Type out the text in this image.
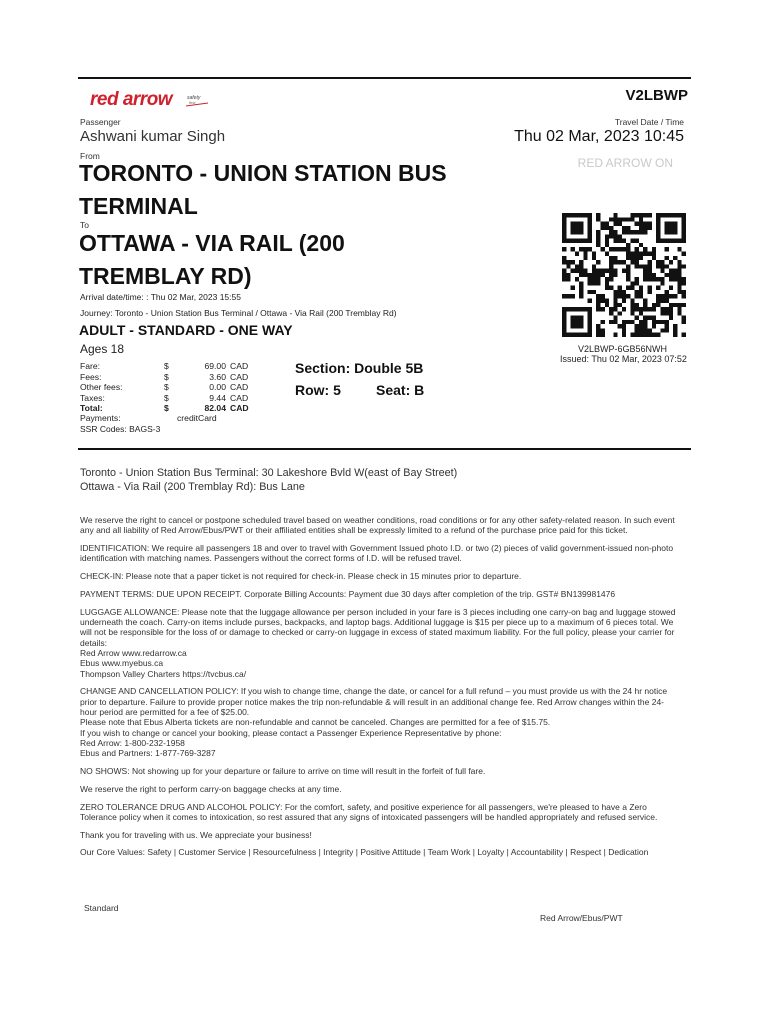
red arrow	safety
first	V2LBWP
Passenger
Ashwani kumar Singh
Travel Date / Time
Thu 02 Mar, 2023 10:45
RED ARROW ON
From
TORONTO - UNION STATION BUS
TERMINAL
To
OTTAWA - VIA RAIL (200
TREMBLAY RD)
Arrival date/time: : Thu 02 Mar, 2023 15:55
Journey: Toronto - Union Station Bus Terminal / Ottawa - Via Rail (200 Tremblay Rd)
ADULT - STANDARD - ONE WAY
Ages 18
Fare:	$	69.00 CAD
Fees:	$	3.60 CAD
Other fees:	$	0.00 CAD
Taxes:	$	9.44 CAD
Total:	$	82.04 CAD
Payments:	creditCard
SSR Codes: BAGS-3
Section: Double 5B
Row: 5	Seat: B
V2LBWP-6GB56NWH
Issued: Thu 02 Mar, 2023 07:52
Toronto - Union Station Bus Terminal: 30 Lakeshore Bvld W(east of Bay Street)
Ottawa - Via Rail (200 Tremblay Rd): Bus Lane

We reserve the right to cancel or postpone scheduled travel based on weather conditions, road conditions or for any other safety-related reason. In such event any and all liability of Red Arrow/Ebus/PWT or their affiliated entities shall be expressly limited to a refund of the purchase price paid for this ticket.

IDENTIFICATION: We require all passengers 18 and over to travel with Government Issued photo I.D. or two (2) pieces of valid government-issued non-photo identification with matching names. Passengers without the correct forms of I.D. will be refused travel.

CHECK-IN: Please note that a paper ticket is not required for check-in. Please check in 15 minutes prior to departure.

PAYMENT TERMS: DUE UPON RECEIPT. Corporate Billing Accounts: Payment due 30 days after completion of the trip. GST# BN139981476

LUGGAGE ALLOWANCE: Please note that the luggage allowance per person included in your fare is 3 pieces including one carry-on bag and luggage stowed underneath the coach. Carry-on items include purses, backpacks, and laptop bags. Additional luggage is $15 per piece up to a maximum of 6 pieces total. We will not be responsible for the loss of or damage to checked or carry-on luggage in excess of stated maximum liability. For the full policy, please your carrier for details:
Red Arrow www.redarrow.ca
Ebus www.myebus.ca
Thompson Valley Charters https://tvcbus.ca/

CHANGE AND CANCELLATION POLICY: If you wish to change time, change the date, or cancel for a full refund – you must provide us with the 24 hr notice prior to departure. Failure to provide proper notice makes the trip non-refundable & will result in an additional change fee. Red Arrow changes within the 24-hour period are permitted for a fee of $25.00.
Please note that Ebus Alberta tickets are non-refundable and cannot be canceled. Changes are permitted for a fee of $15.75.
If you wish to change or cancel your booking, please contact a Passenger Experience Representative by phone:
Red Arrow: 1-800-232-1958
Ebus and Partners: 1-877-769-3287

NO SHOWS: Not showing up for your departure or failure to arrive on time will result in the forfeit of full fare.

We reserve the right to perform carry-on baggage checks at any time.

ZERO TOLERANCE DRUG AND ALCOHOL POLICY: For the comfort, safety, and positive experience for all passengers, we're pleased to have a Zero Tolerance policy when it comes to intoxication, so rest assured that any signs of intoxicated passengers will be handled appropriately and refused service.

Thank you for traveling with us. We appreciate your business!

Our Core Values: Safety | Customer Service | Resourcefulness | Integrity | Positive Attitude | Team Work | Loyalty | Accountability | Respect | Dedication

Standard
Red Arrow/Ebus/PWT
